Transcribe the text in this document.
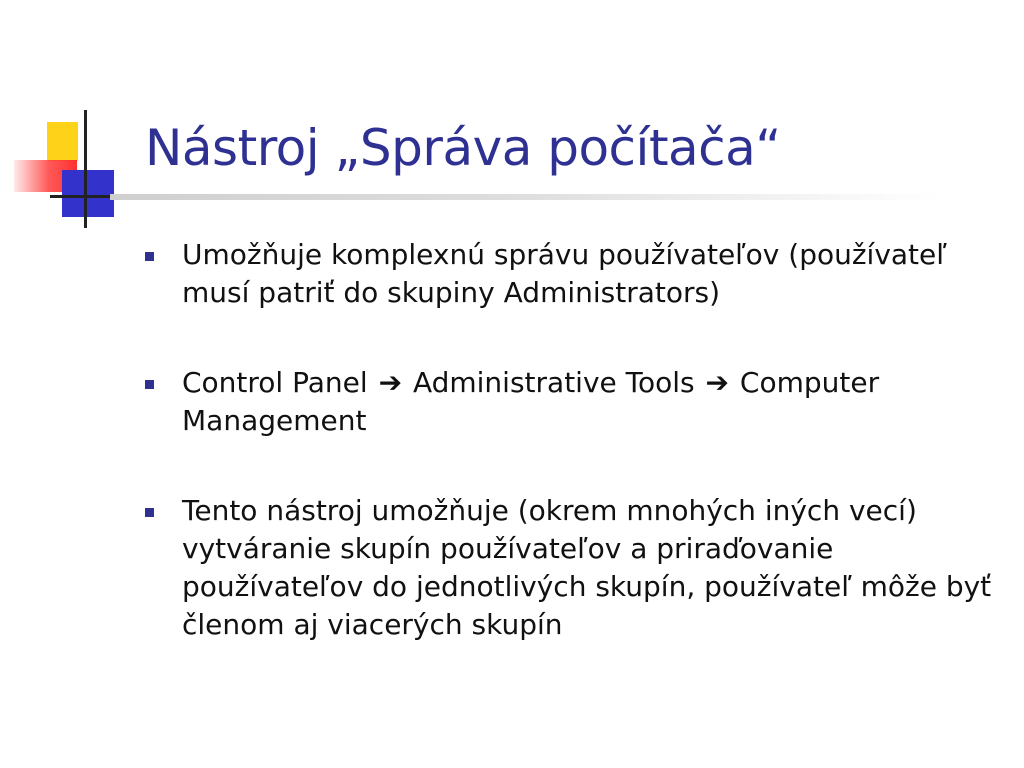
Nástroj „Správa počítača“
Umožňuje komplexnú správu používateľov (používateľ musí patriť do skupiny Administrators)
Control Panel ➔ Administrative Tools ➔ Computer Management
Tento nástroj umožňuje (okrem mnohých iných vecí) vytváranie skupín používateľov a priraďovanie používateľov do jednotlivých skupín, používateľ môže byť členom aj viacerých skupín
